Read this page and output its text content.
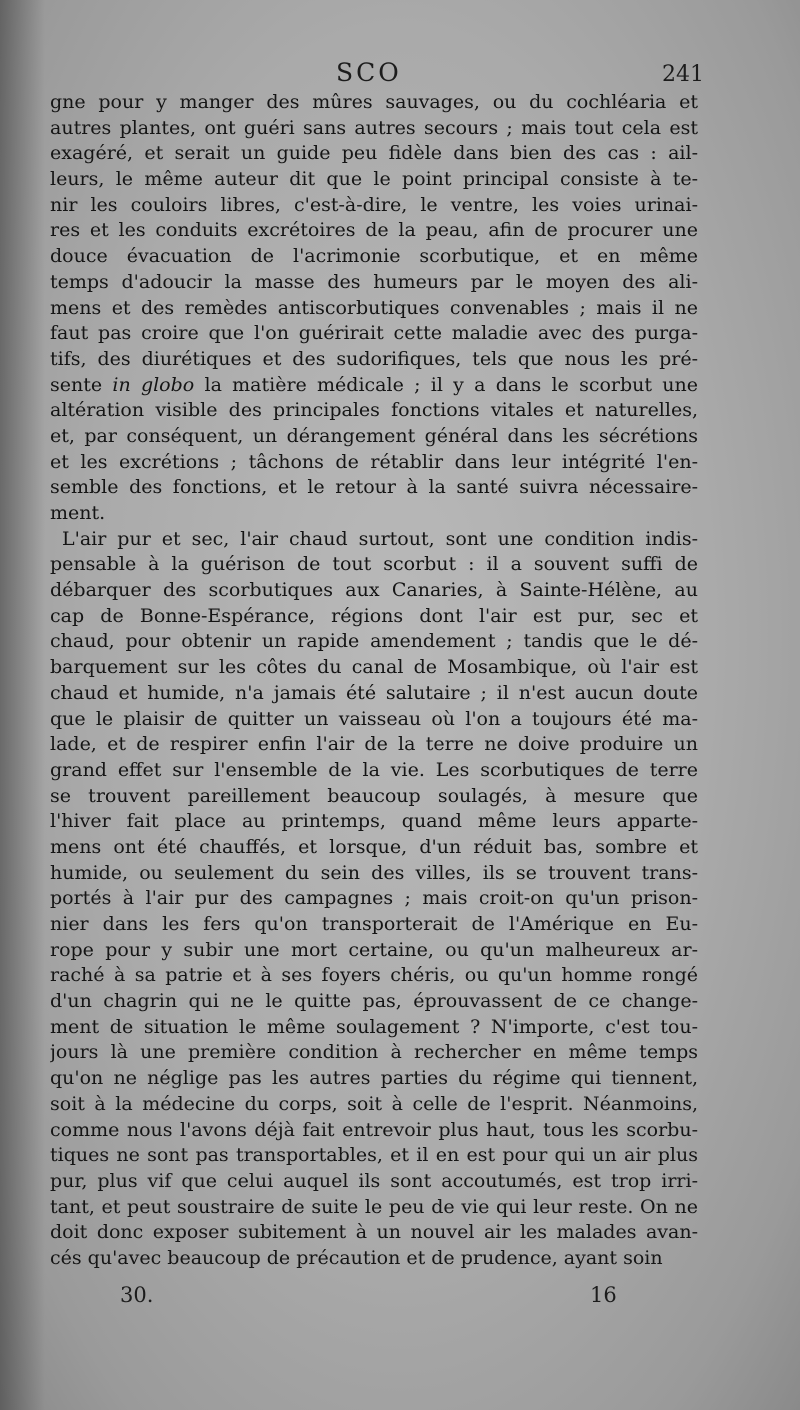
SCO	241
gne pour y manger des mûres sauvages, ou du cochléaria et
autres plantes, ont guéri sans autres secours ; mais tout cela est
exagéré, et serait un guide peu fidèle dans bien des cas : ail-
leurs, le même auteur dit que le point principal consiste à te-
nir les couloirs libres, c'est-à-dire, le ventre, les voies urinai-
res et les conduits excrétoires de la peau, afin de procurer une
douce évacuation de l'acrimonie scorbutique, et en même
temps d'adoucir la masse des humeurs par le moyen des ali-
mens et des remèdes antiscorbutiques convenables ; mais il ne
faut pas croire que l'on guérirait cette maladie avec des purga-
tifs, des diurétiques et des sudorifiques, tels que nous les pré-
sente in globo la matière médicale ; il y a dans le scorbut une
altération visible des principales fonctions vitales et naturelles,
et, par conséquent, un dérangement général dans les sécrétions
et les excrétions ; tâchons de rétablir dans leur intégrité l'en-
semble des fonctions, et le retour à la santé suivra nécessaire-
ment.
L'air pur et sec, l'air chaud surtout, sont une condition indis-
pensable à la guérison de tout scorbut : il a souvent suffi de
débarquer des scorbutiques aux Canaries, à Sainte-Hélène, au
cap de Bonne-Espérance, régions dont l'air est pur, sec et
chaud, pour obtenir un rapide amendement ; tandis que le dé-
barquement sur les côtes du canal de Mosambique, où l'air est
chaud et humide, n'a jamais été salutaire ; il n'est aucun doute
que le plaisir de quitter un vaisseau où l'on a toujours été ma-
lade, et de respirer enfin l'air de la terre ne doive produire un
grand effet sur l'ensemble de la vie. Les scorbutiques de terre
se trouvent pareillement beaucoup soulagés, à mesure que
l'hiver fait place au printemps, quand même leurs apparte-
mens ont été chauffés, et lorsque, d'un réduit bas, sombre et
humide, ou seulement du sein des villes, ils se trouvent trans-
portés à l'air pur des campagnes ; mais croit-on qu'un prison-
nier dans les fers qu'on transporterait de l'Amérique en Eu-
rope pour y subir une mort certaine, ou qu'un malheureux ar-
raché à sa patrie et à ses foyers chéris, ou qu'un homme rongé
d'un chagrin qui ne le quitte pas, éprouvassent de ce change-
ment de situation le même soulagement ? N'importe, c'est tou-
jours là une première condition à rechercher en même temps
qu'on ne néglige pas les autres parties du régime qui tiennent,
soit à la médecine du corps, soit à celle de l'esprit. Néanmoins,
comme nous l'avons déjà fait entrevoir plus haut, tous les scorbu-
tiques ne sont pas transportables, et il en est pour qui un air plus
pur, plus vif que celui auquel ils sont accoutumés, est trop irri-
tant, et peut soustraire de suite le peu de vie qui leur reste. On ne
doit donc exposer subitement à un nouvel air les malades avan-
cés qu'avec beaucoup de précaution et de prudence, ayant soin
30.	16
